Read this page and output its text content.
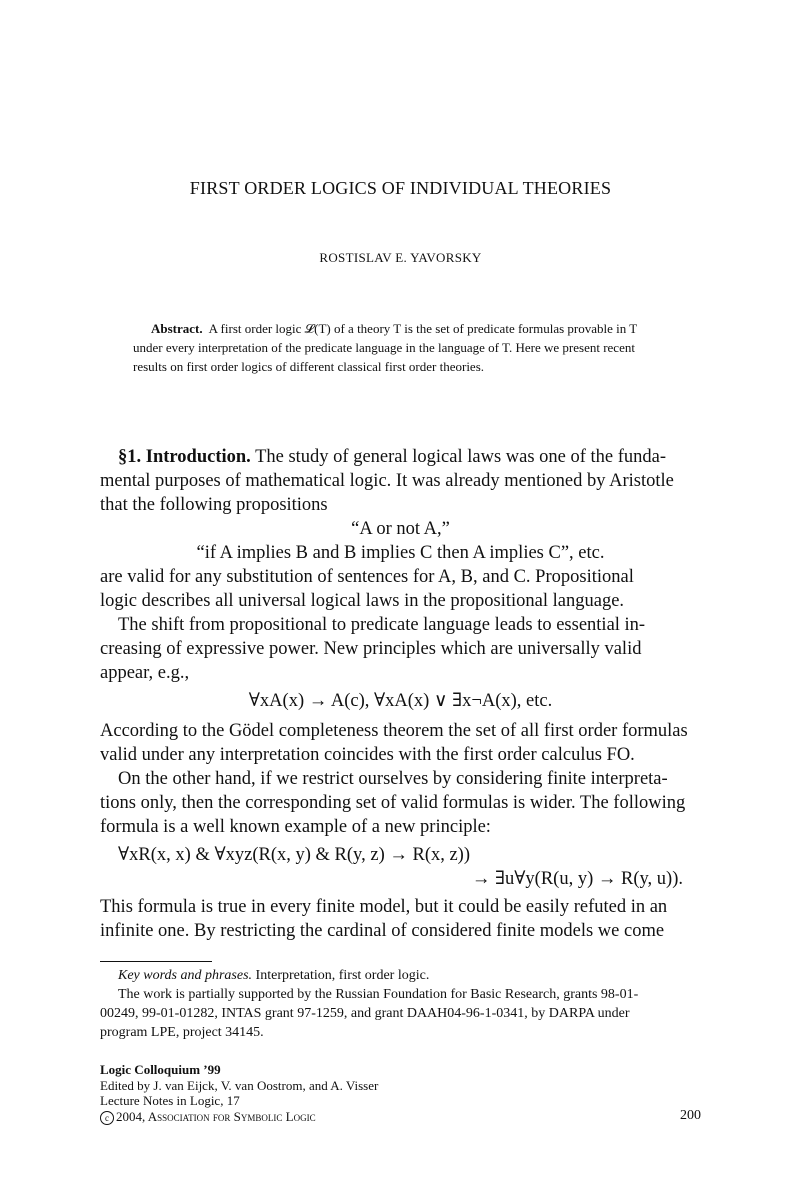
FIRST ORDER LOGICS OF INDIVIDUAL THEORIES
ROSTISLAV E. YAVORSKY
Abstract. A first order logic 𝓛(T) of a theory T is the set of predicate formulas provable in T
under every interpretation of the predicate language in the language of T. Here we present recent
results on first order logics of different classical first order theories.
§1. Introduction. The study of general logical laws was one of the funda-
mental purposes of mathematical logic. It was already mentioned by Aristotle
that the following propositions
“A or not A,”
“if A implies B and B implies C then A implies C”, etc.
are valid for any substitution of sentences for A, B, and C. Propositional
logic describes all universal logical laws in the propositional language.
The shift from propositional to predicate language leads to essential in-
creasing of expressive power. New principles which are universally valid
appear, e.g.,
∀xA(x) → A(c), ∀xA(x) ∨ ∃x¬A(x), etc.
According to the Gödel completeness theorem the set of all first order formulas
valid under any interpretation coincides with the first order calculus FO.
On the other hand, if we restrict ourselves by considering finite interpreta-
tions only, then the corresponding set of valid formulas is wider. The following
formula is a well known example of a new principle:
∀xR(x, x) & ∀xyz(R(x, y) & R(y, z) → R(x, z))
→ ∃u∀y(R(u, y) → R(y, u)).
This formula is true in every finite model, but it could be easily refuted in an
infinite one. By restricting the cardinal of considered finite models we come
Key words and phrases. Interpretation, first order logic.
The work is partially supported by the Russian Foundation for Basic Research, grants 98-01-
00249, 99-01-01282, INTAS grant 97-1259, and grant DAAH04-96-1-0341, by DARPA under
program LPE, project 34145.
Logic Colloquium ’99
Edited by J. van Eijck, V. van Oostrom, and A. Visser
Lecture Notes in Logic, 17
c 2004, Association for Symbolic Logic	200
